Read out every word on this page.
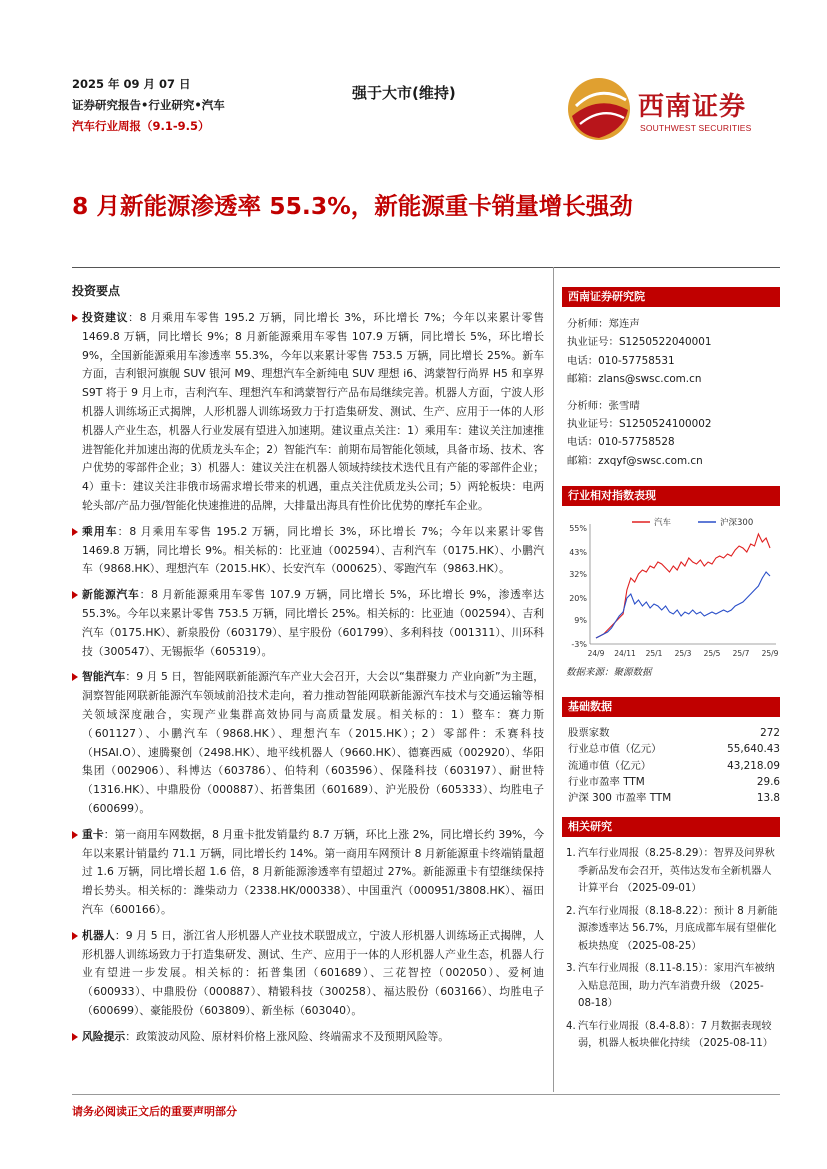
2025 年 09 月 07 日
证券研究报告•行业研究•汽车
汽车行业周报（9.1-9.5）
强于大市(维持)	西南证券
SOUTHWEST SECURITIES
8 月新能源渗透率 55.3%，新能源重卡销量增长强劲
投资要点
投资建议：8 月乘用车零售 195.2 万辆，同比增长 3%，环比增长 7%；今年以来累计零售 1469.8 万辆，同比增长 9%；8 月新能源乘用车零售 107.9 万辆，同比增长 5%，环比增长 9%，全国新能源乘用车渗透率 55.3%，今年以来累计零售 753.5 万辆，同比增长 25%。新车方面，吉利银河旗舰 SUV 银河 M9、理想汽车全新纯电 SUV 理想 i6、鸿蒙智行尚界 H5 和享界 S9T 将于 9 月上市，吉利汽车、理想汽车和鸿蒙智行产品布局继续完善。机器人方面，宁波人形机器人训练场正式揭牌，人形机器人训练场致力于打造集研发、测试、生产、应用于一体的人形机器人产业生态，机器人行业发展有望进入加速期。建议重点关注：1）乘用车：建议关注加速推进智能化并加速出海的优质龙头车企；2）智能汽车：前期布局智能化领域，具备市场、技术、客户优势的零部件企业；3）机器人：建议关注在机器人领域持续技术迭代且有产能的零部件企业；4）重卡：建议关注非俄市场需求增长带来的机遇，重点关注优质龙头公司；5）两轮板块：电两轮头部/产品力强/智能化快速推进的品牌，大排量出海具有性价比优势的摩托车企业。
乘用车：8 月乘用车零售 195.2 万辆，同比增长 3%，环比增长 7%；今年以来累计零售 1469.8 万辆，同比增长 9%。相关标的：比亚迪（002594）、吉利汽车（0175.HK）、小鹏汽车（9868.HK）、理想汽车（2015.HK）、长安汽车（000625）、零跑汽车（9863.HK）。
新能源汽车：8 月新能源乘用车零售 107.9 万辆，同比增长 5%，环比增长 9%，渗透率达 55.3%。今年以来累计零售 753.5 万辆，同比增长 25%。相关标的：比亚迪（002594）、吉利汽车（0175.HK）、新泉股份（603179）、星宇股份（601799）、多利科技（001311）、川环科技（300547）、无锡振华（605319）。
智能汽车：9 月 5 日，智能网联新能源汽车产业大会召开，大会以“集群聚力 产业向新”为主题，洞察智能网联新能源汽车领域前沿技术走向，着力推动智能网联新能源汽车技术与交通运输等相关领域深度融合，实现产业集群高效协同与高质量发展。相关标的：1）整车：赛力斯（601127）、小鹏汽车（9868.HK）、理想汽车（2015.HK）；2）零部件：禾赛科技（HSAI.O）、速腾聚创（2498.HK）、地平线机器人（9660.HK）、德赛西威（002920）、华阳集团（002906）、科博达（603786）、伯特利（603596）、保隆科技（603197）、耐世特（1316.HK）、中鼎股份（000887）、拓普集团（601689）、沪光股份（605333）、均胜电子（600699）。
重卡：第一商用车网数据，8 月重卡批发销量约 8.7 万辆，环比上涨 2%，同比增长约 39%，今年以来累计销量约 71.1 万辆，同比增长约 14%。第一商用车网预计 8 月新能源重卡终端销量超过 1.6 万辆，同比增长超 1.6 倍，8 月新能源渗透率有望超过 27%。新能源重卡有望继续保持增长势头。相关标的：潍柴动力（2338.HK/000338）、中国重汽（000951/3808.HK）、福田汽车（600166）。
机器人：9 月 5 日，浙江省人形机器人产业技术联盟成立，宁波人形机器人训练场正式揭牌，人形机器人训练场致力于打造集研发、测试、生产、应用于一体的人形机器人产业生态，机器人行业有望进一步发展。相关标的：拓普集团（601689）、三花智控（002050）、爱柯迪（600933）、中鼎股份（000887）、精锻科技（300258）、福达股份（603166）、均胜电子（600699）、豪能股份（603809）、新坐标（603040）。
风险提示：政策波动风险、原材料价格上涨风险、终端需求不及预期风险等。
西南证券研究院
分析师：郑连声
执业证号：S1250522040001
电话：010-57758531
邮箱：zlans@swsc.com.cn
分析师：张雪晴
执业证号：S1250524100002
电话：010-57758528
邮箱：zxqyf@swsc.com.cn
行业相对指数表现
55%
43%
32%
20%
9%
-3%
24/9 24/11 25/1 25/3 25/5 25/7 25/9
汽车	沪深300
数据来源：聚源数据
基础数据
股票家数	272
行业总市值（亿元）	55,640.43
流通市值（亿元）	43,218.09
行业市盈率 TTM	29.6
沪深 300 市盈率 TTM	13.8
相关研究
1. 汽车行业周报（8.25-8.29）：智界及问界秋季新品发布会召开，英伟达发布全新机器人计算平台 （2025-09-01）
2. 汽车行业周报（8.18-8.22）：预计 8 月新能源渗透率达 56.7%，月底成都车展有望催化板块热度 （2025-08-25）
3. 汽车行业周报（8.11-8.15）：家用汽车被纳入贴息范围，助力汽车消费升级 （2025-08-18）
4. 汽车行业周报（8.4-8.8）：7 月数据表现较弱，机器人板块催化持续 （2025-08-11）
请务必阅读正文后的重要声明部分
